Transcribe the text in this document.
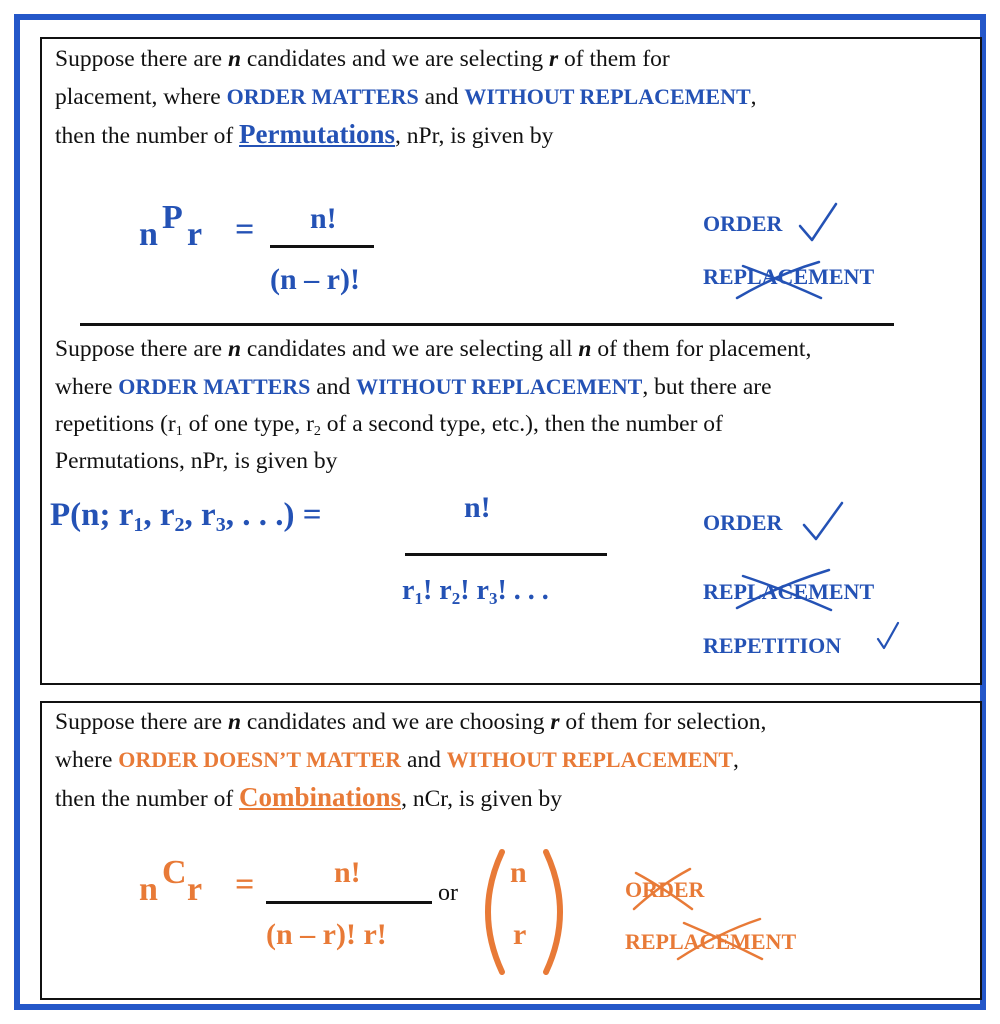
Suppose there are n candidates and we are selecting r of them for
placement, where ORDER MATTERS and WITHOUT REPLACEMENT,
then the number of Permutations, nPr, is given by
n P r = n!
(n – r)!
ORDER
REPLACEMENT
Suppose there are n candidates and we are selecting all n of them for placement,
where ORDER MATTERS and WITHOUT REPLACEMENT, but there are
repetitions ($r_1$ of one type, $r_2$ of a second type, etc.), then the number of
Permutations, nPr, is given by
P(n; $r_1$, $r_2$, $r_3$, . . .) =	n!
$r_1$! $r_2$! $r_3$! . . .
ORDER
REPLACEMENT
REPETITION
Suppose there are n candidates and we are choosing r of them for selection,
where ORDER DOESN’T MATTER and WITHOUT REPLACEMENT,
then the number of Combinations, nCr, is given by
n C r =	n!
(n – r)! r!
or
n
r
ORDER
REPLACEMENT
